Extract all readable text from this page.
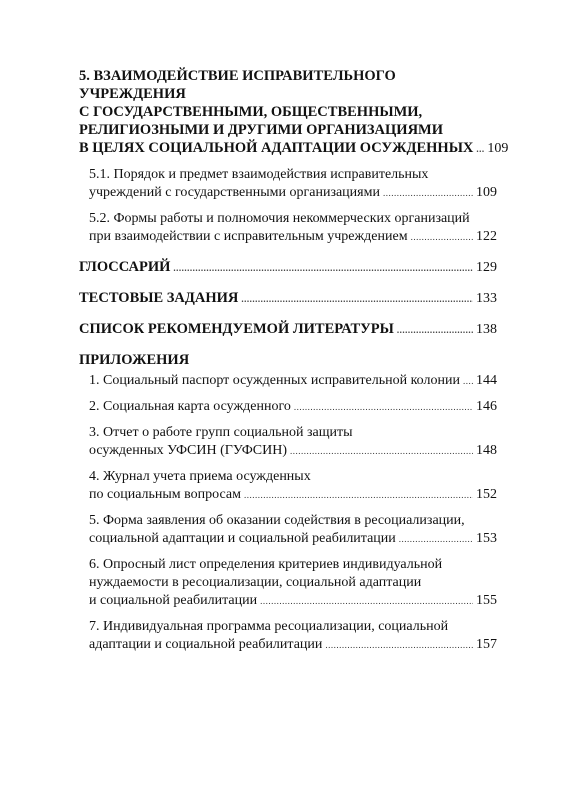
5. ВЗАИМОДЕЙСТВИЕ ИСПРАВИТЕЛЬНОГО УЧРЕЖДЕНИЯ
С ГОСУДАРСТВЕННЫМИ, ОБЩЕСТВЕННЫМИ,
РЕЛИГИОЗНЫМИ И ДРУГИМИ ОРГАНИЗАЦИЯМИ
В ЦЕЛЯХ СОЦИАЛЬНОЙ АДАПТАЦИИ ОСУЖДЕННЫХ ..... 109
5.1. Порядок и предмет взаимодействия исправительных
учреждений с государственными организациями .....	109
5.2. Формы работы и полномочия некоммерческих организаций
при взаимодействии с исправительным учреждением .....	122
ГЛОССАРИЙ .....	129
ТЕСТОВЫЕ ЗАДАНИЯ .....	133
СПИСОК РЕКОМЕНДУЕМОЙ ЛИТЕРАТУРЫ .....	138
ПРИЛОЖЕНИЯ
1. Социальный паспорт осужденных исправительной колонии ..... 144
2. Социальная карта осужденного .....	146
3. Отчет о работе групп социальной защиты
осужденных УФСИН (ГУФСИН) .....	148
4. Журнал учета приема осужденных
по социальным вопросам .....	152
5. Форма заявления об оказании содействия в ресоциализации,
социальной адаптации и социальной реабилитации .....	153
6. Опросный лист определения критериев индивидуальной
нуждаемости в ресоциализации, социальной адаптации
и социальной реабилитации .....	155
7. Индивидуальная программа ресоциализации, социальной
адаптации и социальной реабилитации .....	157
